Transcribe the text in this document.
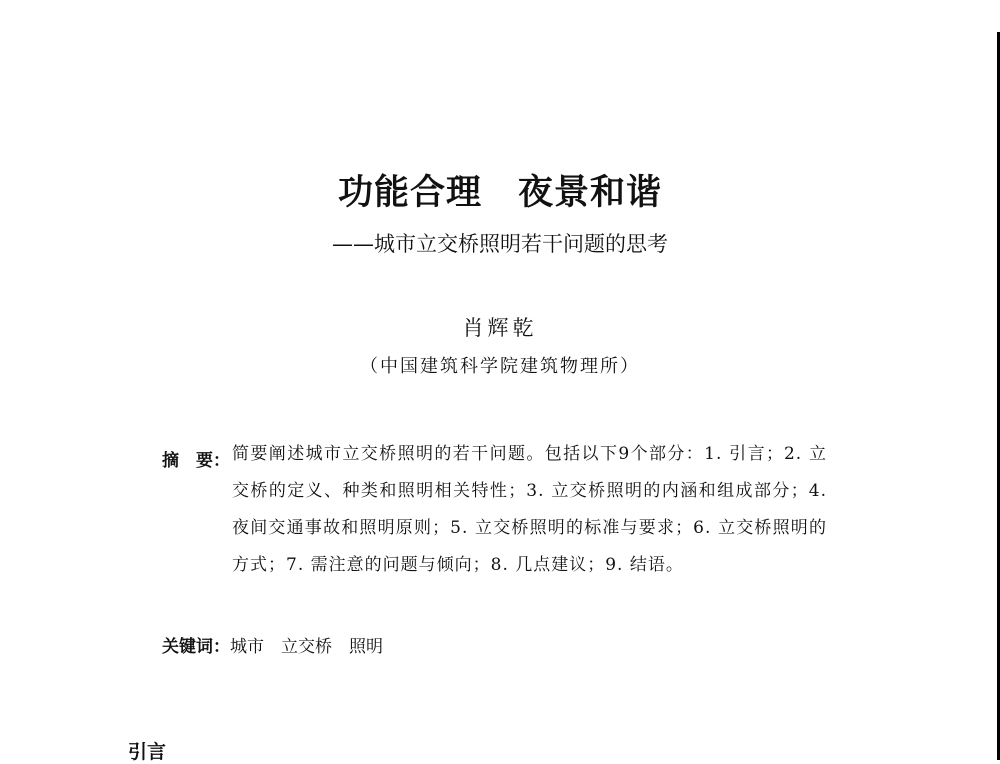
功能合理　夜景和谐
——城市立交桥照明若干问题的思考
肖辉乾
（中国建筑科学院建筑物理所）
摘　要： 简要阐述城市立交桥照明的若干问题。包括以下9个部分：1. 引言；2. 立交桥的定义、种类和照明相关特性；3. 立交桥照明的内涵和组成部分；4. 夜间交通事故和照明原则；5. 立交桥照明的标准与要求；6. 立交桥照明的方式；7. 需注意的问题与倾向；8. 几点建议；9. 结语。
关键词：城市　立交桥　照明
引言
